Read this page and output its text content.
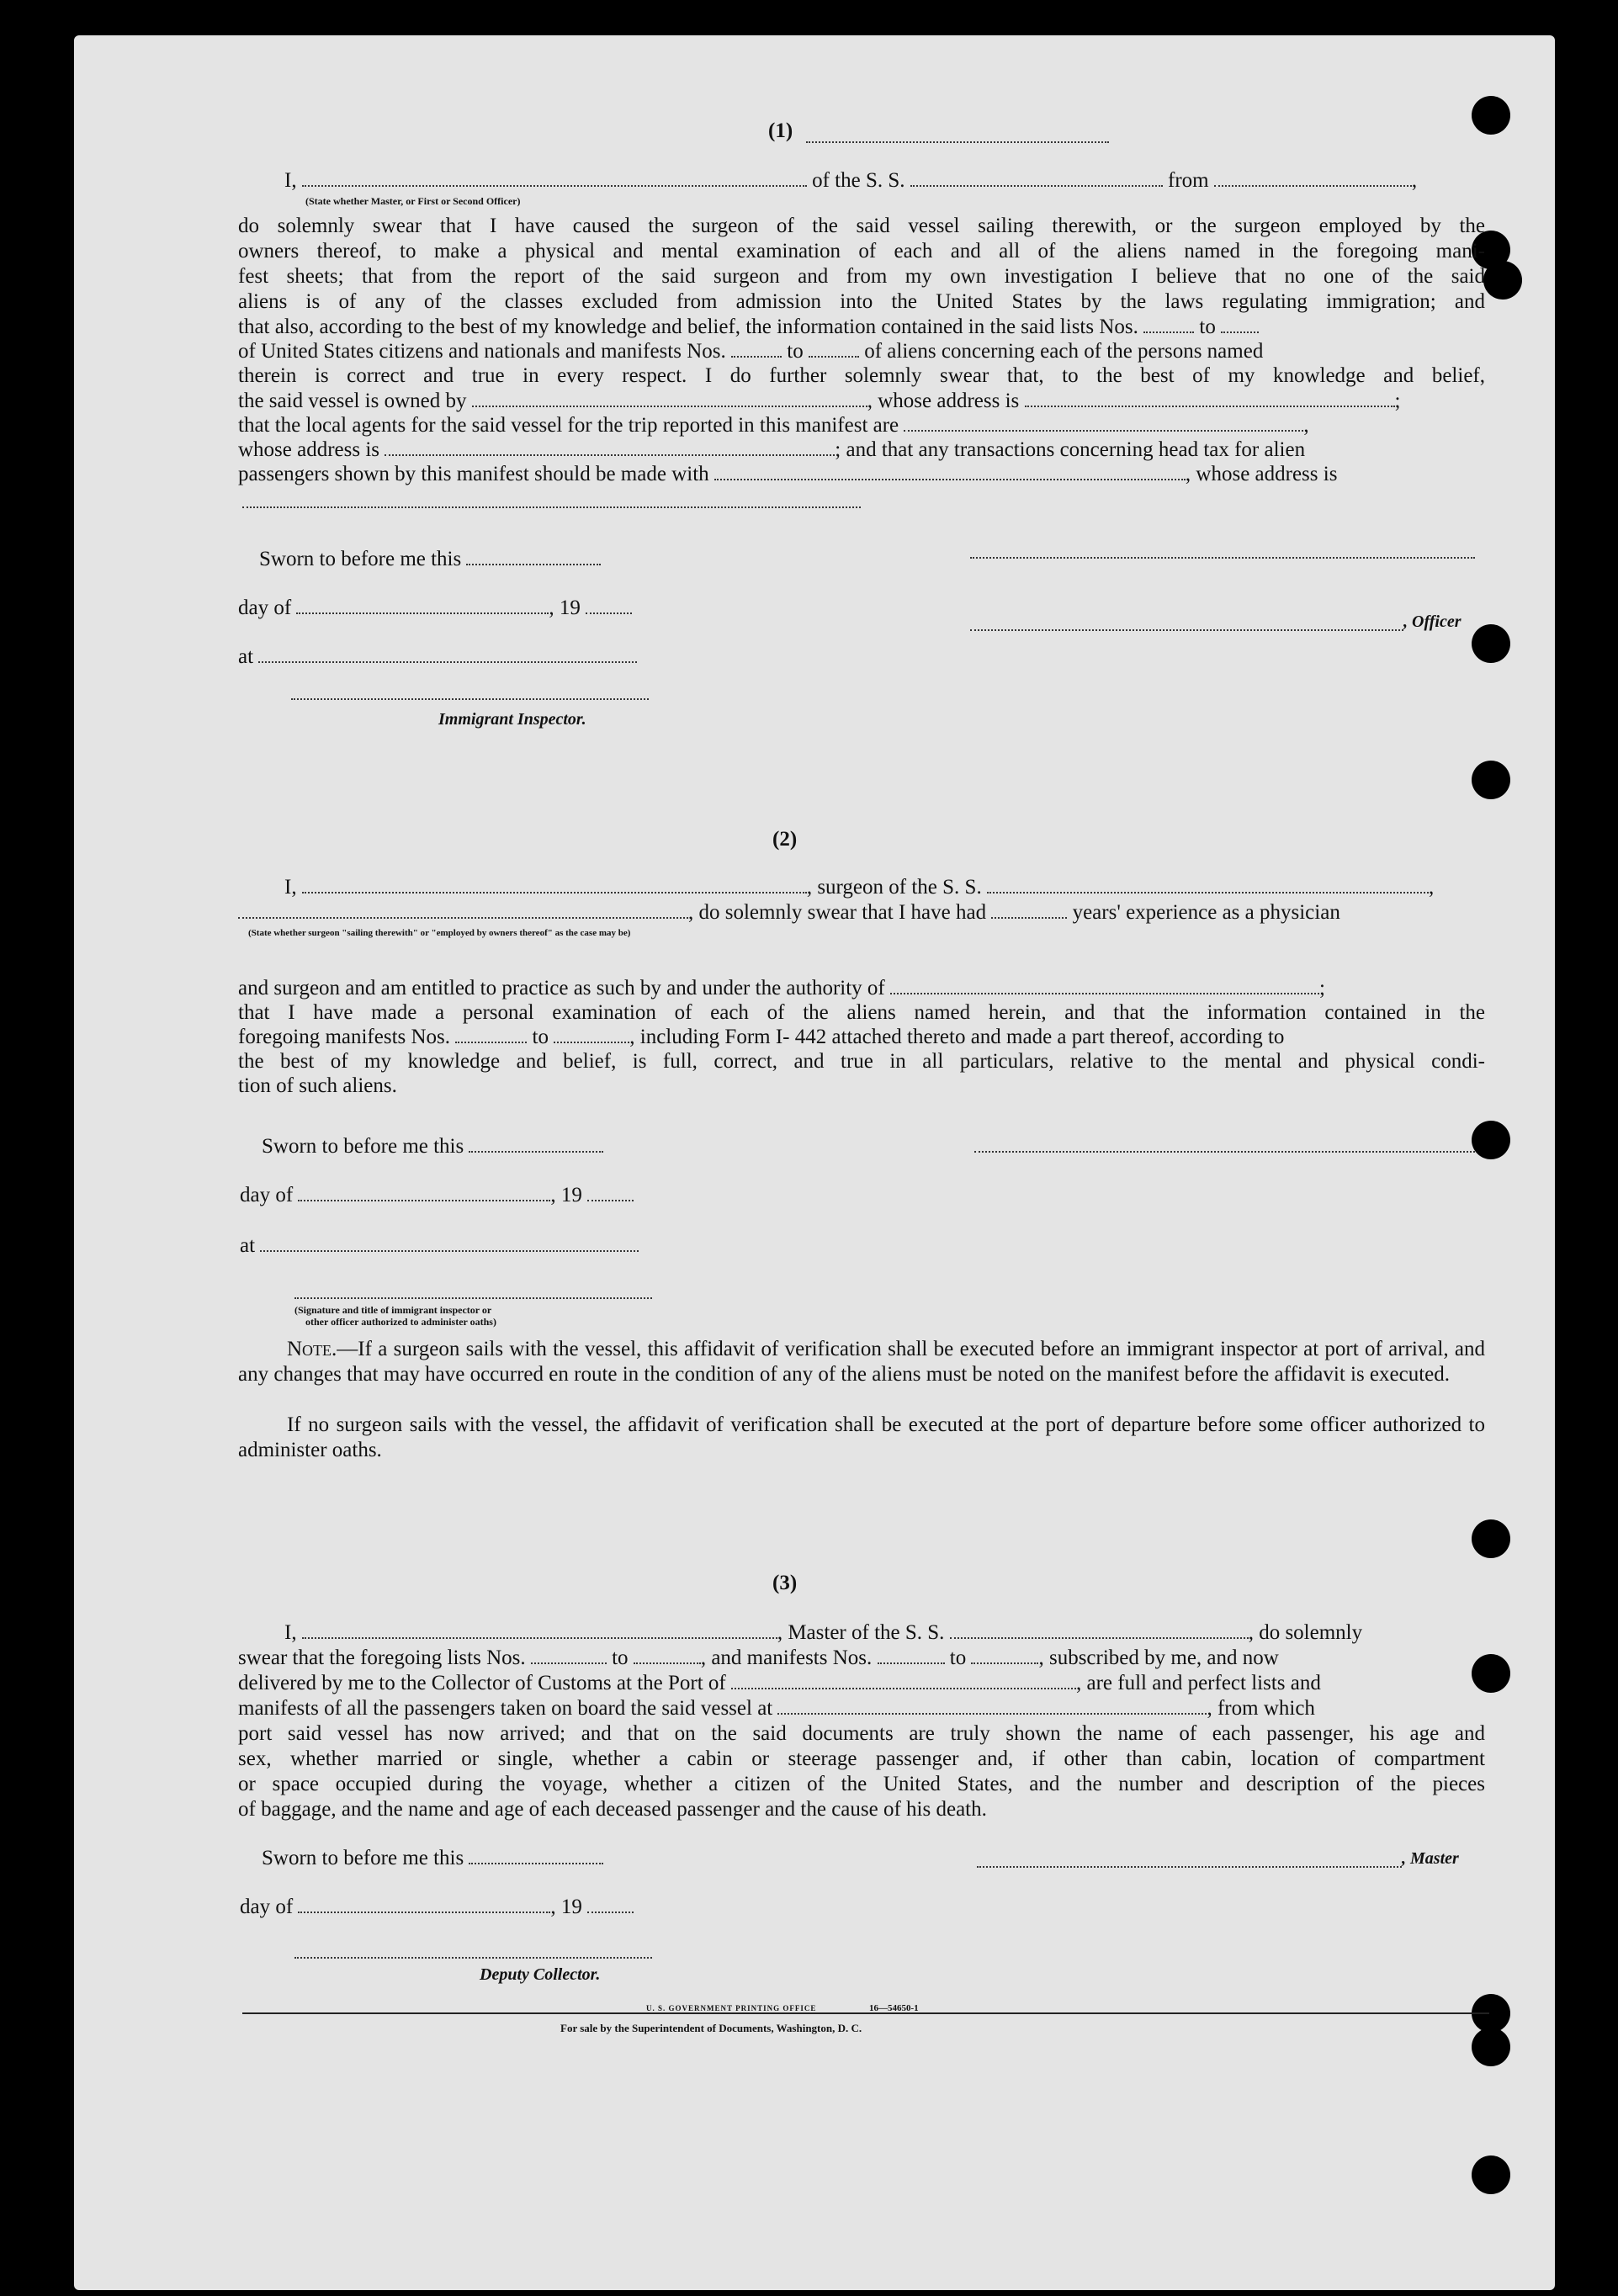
(1)
I,	of the S. S.	from	,
(State whether Master, or First or Second Officer)
do solemnly swear that I have caused the surgeon of the said vessel sailing therewith, or the surgeon employed by the
owners thereof, to make a physical and mental examination of each and all of the aliens named in the foregoing mani-
fest sheets; that from the report of the said surgeon and from my own investigation I believe that no one of the said
aliens is of any of the classes excluded from admission into the United States by the laws regulating immigration; and
that also, according to the best of my knowledge and belief, the information contained in the said lists Nos.	to
of United States citizens and nationals and manifests Nos.	to	of aliens concerning each of the persons named
therein is correct and true in every respect. I do further solemnly swear that, to the best of my knowledge and belief,
the said vessel is owned by	, whose address is	;
that the local agents for the said vessel for the trip reported in this manifest are	,
whose address is	; and that any transactions concerning head tax for alien
passengers shown by this manifest should be made with	, whose address is
Sworn to before me this
day of	, 19
at
, Officer
Immigrant Inspector.
(2)
I,	, surgeon of the S. S.	,
, do solemnly swear that I have had	years' experience as a physician
(State whether surgeon "sailing therewith" or "employed by owners thereof" as the case may be)
and surgeon and am entitled to practice as such by and under the authority of	;
that I have made a personal examination of each of the aliens named herein, and that the information contained in the
foregoing manifests Nos.	to	, including Form I- 442 attached thereto and made a part thereof, according to
the best of my knowledge and belief, is full, correct, and true in all particulars, relative to the mental and physical condi-
tion of such aliens.
Sworn to before me this
day of	, 19
at
(Signature and title of immigrant inspector or
other officer authorized to administer oaths)
Note.—If a surgeon sails with the vessel, this affidavit of verification shall be executed before an immigrant inspector at port of arrival, and any changes that may have occurred en route in the condition of any of the aliens must be noted on the manifest before the affidavit is executed.
If no surgeon sails with the vessel, the affidavit of verification shall be executed at the port of departure before some officer authorized to administer oaths.
(3)
I,	, Master of the S. S.	, do solemnly
swear that the foregoing lists Nos.	to	, and manifests Nos.	to	, subscribed by me, and now
delivered by me to the Collector of Customs at the Port of	, are full and perfect lists and
manifests of all the passengers taken on board the said vessel at	, from which
port said vessel has now arrived; and that on the said documents are truly shown the name of each passenger, his age and
sex, whether married or single, whether a cabin or steerage passenger and, if other than cabin, location of compartment
or space occupied during the voyage, whether a citizen of the United States, and the number and description of the pieces
of baggage, and the name and age of each deceased passenger and the cause of his death.
Sworn to before me this	, Master
day of	, 19
Deputy Collector.
U. S. GOVERNMENT PRINTING OFFICE	16—54650-1
For sale by the Superintendent of Documents, Washington, D. C.
